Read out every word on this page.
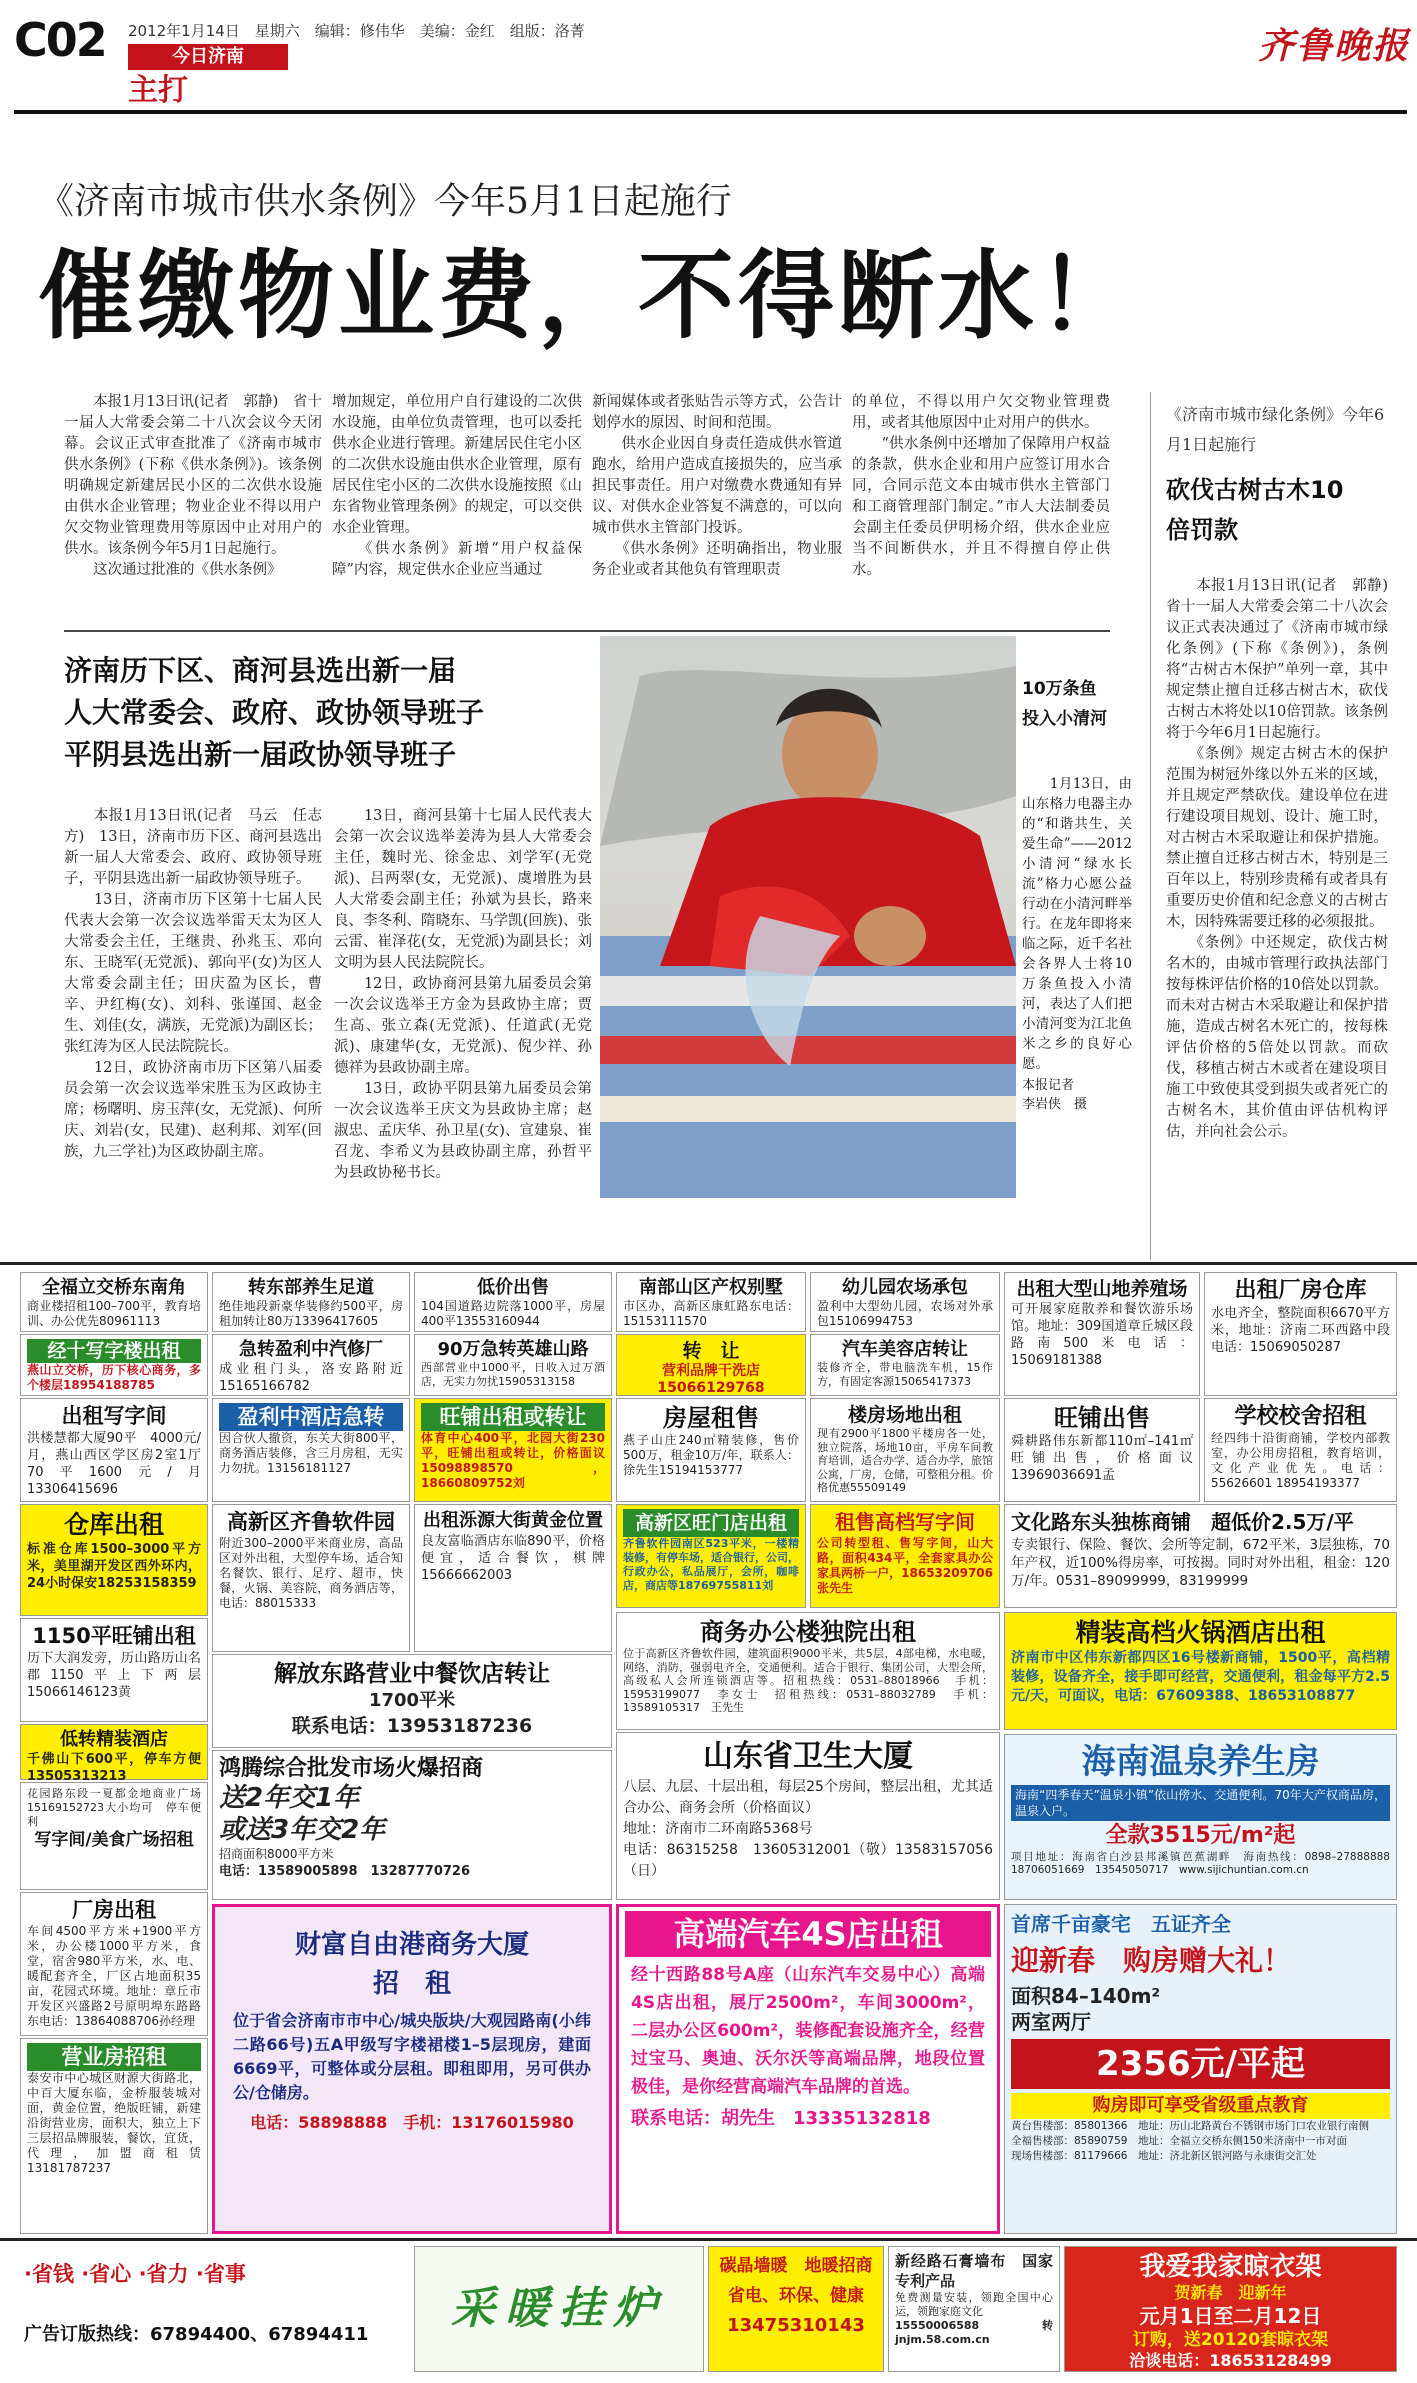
C02 2012年1月14日　星期六　编辑：修伟华　美编：金红　组版：洛菁
今日济南
主打
齐鲁晚报
《济南市城市供水条例》今年5月1日起施行
催缴物业费，不得断水！
　　本报1月13日讯(记者　郭静)　省十一届人大常委会第二十八次会议今天闭幕。会议正式审查批准了《济南市城市供水条例》(下称《供水条例》)。该条例明确规定新建居民小区的二次供水设施由供水企业管理；物业企业不得以用户欠交物业管理费用等原因中止对用户的供水。该条例今年5月1日起施行。
　　这次通过批准的《供水条例》
增加规定，单位用户自行建设的二次供水设施，由单位负责管理，也可以委托供水企业进行管理。新建居民住宅小区的二次供水设施由供水企业管理，原有居民住宅小区的二次供水设施按照《山东省物业管理条例》的规定，可以交供水企业管理。
　　《供水条例》新增“用户权益保障”内容，规定供水企业应当通过
新闻媒体或者张贴告示等方式，公告计划停水的原因、时间和范围。
　　供水企业因自身责任造成供水管道跑水，给用户造成直接损失的，应当承担民事责任。用户对缴费水费通知有异议、对供水企业答复不满意的，可以向城市供水主管部门投诉。
　　《供水条例》还明确指出，物业服务企业或者其他负有管理职责
的单位，不得以用户欠交物业管理费用，或者其他原因中止对用户的供水。
　　“供水条例中还增加了保障用户权益的条款，供水企业和用户应签订用水合同，合同示范文本由城市供水主管部门和工商管理部门制定。”市人大法制委员会副主任委员伊明杨介绍，供水企业应当不间断供水，并且不得擅自停止供水。
《济南市城市绿化条例》今年6月1日起施行
砍伐古树古木10倍罚款
　　本报1月13日讯(记者　郭静)　省十一届人大常委会第二十八次会议正式表决通过了《济南市城市绿化条例》(下称《条例》)，条例将“古树古木保护”单列一章，其中规定禁止擅自迁移古树古木，砍伐古树古木将处以10倍罚款。该条例将于今年6月1日起施行。
　　《条例》规定古树古木的保护范围为树冠外缘以外五米的区域，并且规定严禁砍伐。建设单位在进行建设项目规划、设计、施工时，对古树古木采取避让和保护措施。禁止擅自迁移古树古木，特别是三百年以上，特别珍贵稀有或者具有重要历史价值和纪念意义的古树古木，因特殊需要迁移的必须报批。
　　《条例》中还规定，砍伐古树名木的，由城市管理行政执法部门按每株评估价格的10倍处以罚款。而未对古树古木采取避让和保护措施，造成古树名木死亡的，按每株评估价格的5倍处以罚款。而砍伐，移植古树古木或者在建设项目施工中致使其受到损失或者死亡的古树名木，其价值由评估机构评估，并向社会公示。
济南历下区、商河县选出新一届
人大常委会、政府、政协领导班子
平阴县选出新一届政协领导班子
　　本报1月13日讯(记者　马云　任志方)　13日，济南市历下区、商河县选出新一届人大常委会、政府、政协领导班子，平阴县选出新一届政协领导班子。
　　13日，济南市历下区第十七届人民代表大会第一次会议选举雷天太为区人大常委会主任，王继贵、孙兆玉、邓向东、王晓军(无党派)、郭向平(女)为区人大常委会副主任；田庆盈为区长，曹辛、尹红梅(女)、刘科、张谨国、赵金生、刘佳(女，满族，无党派)为副区长；张红涛为区人民法院院长。
　　12日，政协济南市历下区第八届委员会第一次会议选举宋胜玉为区政协主席；杨曙明、房玉萍(女，无党派)、何所庆、刘岩(女，民建)、赵利邦、刘军(回族，九三学社)为区政协副主席。
　　13日，商河县第十七届人民代表大会第一次会议选举姜涛为县人大常委会主任，魏时光、徐金忠、刘学军(无党派)、吕两翠(女，无党派)、虞增胜为县人大常委会副主任；孙斌为县长，路来良、李冬利、隋晓东、马学凯(回族)、张云雷、崔泽花(女，无党派)为副县长；刘文明为县人民法院院长。
　　12日，政协商河县第九届委员会第一次会议选举王方金为县政协主席；贾生高、张立森(无党派)、任道武(无党派)、康建华(女，无党派)、倪少祥、孙德祥为县政协副主席。
　　13日，政协平阴县第九届委员会第一次会议选举王庆文为县政协主席；赵淑忠、孟庆华、孙卫星(女)、宣建泉、崔召龙、李希义为县政协副主席，孙哲平为县政协秘书长。
10万条鱼
投入小清河
　　1月13日，由山东格力电器主办的“和谐共生，关爱生命”——2012小清河“绿水长流”格力心愿公益行动在小清河畔举行。在龙年即将来临之际，近千名社会各界人士将10万条鱼投入小清河，表达了人们把小清河变为江北鱼米之乡的良好心愿。
本报记者
李岩侠　摄
全福立交桥东南角
商业楼招租100–700平，教育培训、办公优先80961113
经十写字楼出租
燕山立交桥，历下核心商务，多个楼层18954188785
出租写字间
洪楼慧都大厦90平　4000元/月，燕山西区学区房2室1厅70平1600元/月13306415696
仓库出租
标准仓库1500–3000平方米，美里湖开发区西外环内，24小时保安18253158359
1150平旺铺出租
历下大润发旁，历山路历山名郡1150平上下两层15066146123黄
低转精装酒店
千佛山下600平，停车方便13505313213
花园路东段一夏都金地商业广场15169152723大小均可　停车便利
写字间/美食广场招租
厂房出租
车间4500平方米+1900平方米，办公楼1000平方米，食堂，宿舍980平方米，水、电、暖配套齐全，厂区占地面积35亩，花园式环境。地址：章丘市开发区兴盛路2号原明埠东路路东电话：13864088706孙经理
营业房招租
泰安市中心城区财源大街路北，中百大厦东临，金桥服装城对面，黄金位置，绝版旺铺，新建沿街营业房，面积大，独立上下三层招品牌服装，餐饮，宜货，代理，加盟商租赁13181787237
转东部养生足道
绝佳地段新豪华装修约500平，房租加转让80万13396417605
急转盈利中汽修厂
成业租门头，洛安路附近15165166782
盈利中酒店急转
因合伙人撤资，东关大街800平，商务酒店装修，含三月房租，无实力勿扰。13156181127
高新区齐鲁软件园
附近300–2000平米商业房，高品区对外出租，大型停车场，适合知名餐饮、银行、足疗、超市，快餐，火锅、美容院，商务酒店等，电话：88015333
低价出售
104国道路边院落1000平，房屋400平13553160944
90万急转英雄山路
西部营业中1000平，日收入过万酒店，无实力勿扰15905313158
旺铺出租或转让
体育中心400平，北园大街230平，旺铺出租或转让，价格面议15098898570，18660809752刘
出租泺源大街黄金位置
良友富临酒店东临890平，价格便宜，适合餐饮，棋牌15666662003
南部山区产权别墅
市区办，高新区康虹路东电话：15153111570
转　让
营利品牌干洗店15066129768
房屋租售
燕子山庄240㎡精装修，售价500万，租金10万/年，联系人：徐先生15194153777
高新区旺门店出租
齐鲁软件园南区523平米，一楼精装修，有停车场，适合银行，公司，行政办公，私品展厅，会所，咖啡店，商店等18769755811刘
幼儿园农场承包
盈利中大型幼儿园，农场对外承包15106994753
汽车美容店转让
装修齐全，带电脑洗车机，15作方，有固定客源15065417373
楼房场地出租
现有2900平1800平楼房各一处，独立院落，场地10亩，平房车间教育培训，适合办学、适合办学，旅馆公寓，厂房，仓储，可整租分租。价格优惠55509149
租售高档写字间
公司转型租、售写字间，山大路，面积434平，全套家具办公家具两桥一户，18653209706张先生
出租大型山地养殖场
可开展家庭散养和餐饮游乐场馆。地址：309国道章丘城区段路南500米电话：15069181388
旺铺出售
舜耕路伟东新都110㎡–141㎡旺铺出售，价格面议13969036691孟
出租厂房仓库
水电齐全，整院面积6670平方米，地址：济南二环西路中段电话：15069050287
学校校舍招租
经四纬十沿街商铺，学校内部教室，办公用房招租，教育培训，文化产业优先。电话：55626601 18954193377
文化路东头独栋商铺　超低价2.5万/平
专卖银行、保险、餐饮、会所等定制，672平米，3层独栋，70年产权，近100%得房率，可按揭。同时对外出租，租金：120万/年。0531–89099999，83199999
解放东路营业中餐饮店转让
1700平米
联系电话：13953187236
鸿腾综合批发市场火爆招商
送2年交1年
或送3年交2年
招商面积8000平方米
电话：13589005898　13287770726
商务办公楼独院出租
位于高新区齐鲁软件园，建筑面积9000平米，共5层，4部电梯，水电暖，网络，消防，强弱电齐全，交通便利。适合于银行、集团公司，大型会所，高级私人会所连锁酒店等。招租热线：0531–88018966　手机：15953199077　李女士　招租热线：0531–88032789　手机：13589105317　王先生
山东省卫生大厦
八层、九层、十层出租，每层25个房间，整层出租，尤其适合办公、商务会所（价格面议）
地址：济南市二环南路5368号
电话：86315258　13605312001（敬）13583157056（日）
精装高档火锅酒店出租
济南市中区伟东新都四区16号楼新商铺，1500平，高档精装修，设备齐全，接手即可经营，交通便利，租金每平方2.5元/天，可面议，电话：67609388、18653108877
财富自由港商务大厦
招　租
位于省会济南市市中心/城央版块/大观园路南(小纬二路66号)五A甲级写字楼裙楼1–5层现房，建面6669平，可整体或分层租。即租即用，另可供办公/仓储房。
电话：58898888　手机：13176015980
高端汽车4S店出租
经十西路88号A座（山东汽车交易中心）高端4S店出租，展厅2500m²，车间3000m²，二层办公区600m²，装修配套设施齐全，经营过宝马、奥迪、沃尔沃等高端品牌，地段位置极佳，是你经营高端汽车品牌的首选。
联系电话：胡先生　13335132818
海南温泉养生房
海南“四季春天”温泉小镇”依山傍水、交通便利。70年大产权商品房，温泉入户。
全款3515元/m²起
项目地址：海南省白沙县邦溪镇芭蕉湖畔　海南热线：0898–27888888　18706051669　13545050717　www.sijichuntian.com.cn
首席千亩豪宅　五证齐全
迎新春　购房赠大礼！
面积84–140m²
两室两厅
2356元/平起
购房即可享受省级重点教育
黄台售楼部：85801366　地址：历山北路黄台不锈钢市场门口农业银行南侧
全福售楼部：85890759　地址：全福立交桥东侧150米济南中一市对面
现场售楼部：81179666　地址：济北新区银河路与永康街交汇处
·省钱 ·省心 ·省力 ·省事
广告订版热线：67894400、67894411
采暖挂炉
碳晶墙暖　地暖招商
省电、环保、健康
13475310143
新经路石膏墙布　国家专利产品
免费测量安装，领跑全国中心运，领跑家庭文化
15550006588转jnjm.58.com.cn
我爱我家晾衣架
贺新春　迎新年
元月1日至二月12日
订购，送20120套晾衣架
洽谈电话：18653128499
